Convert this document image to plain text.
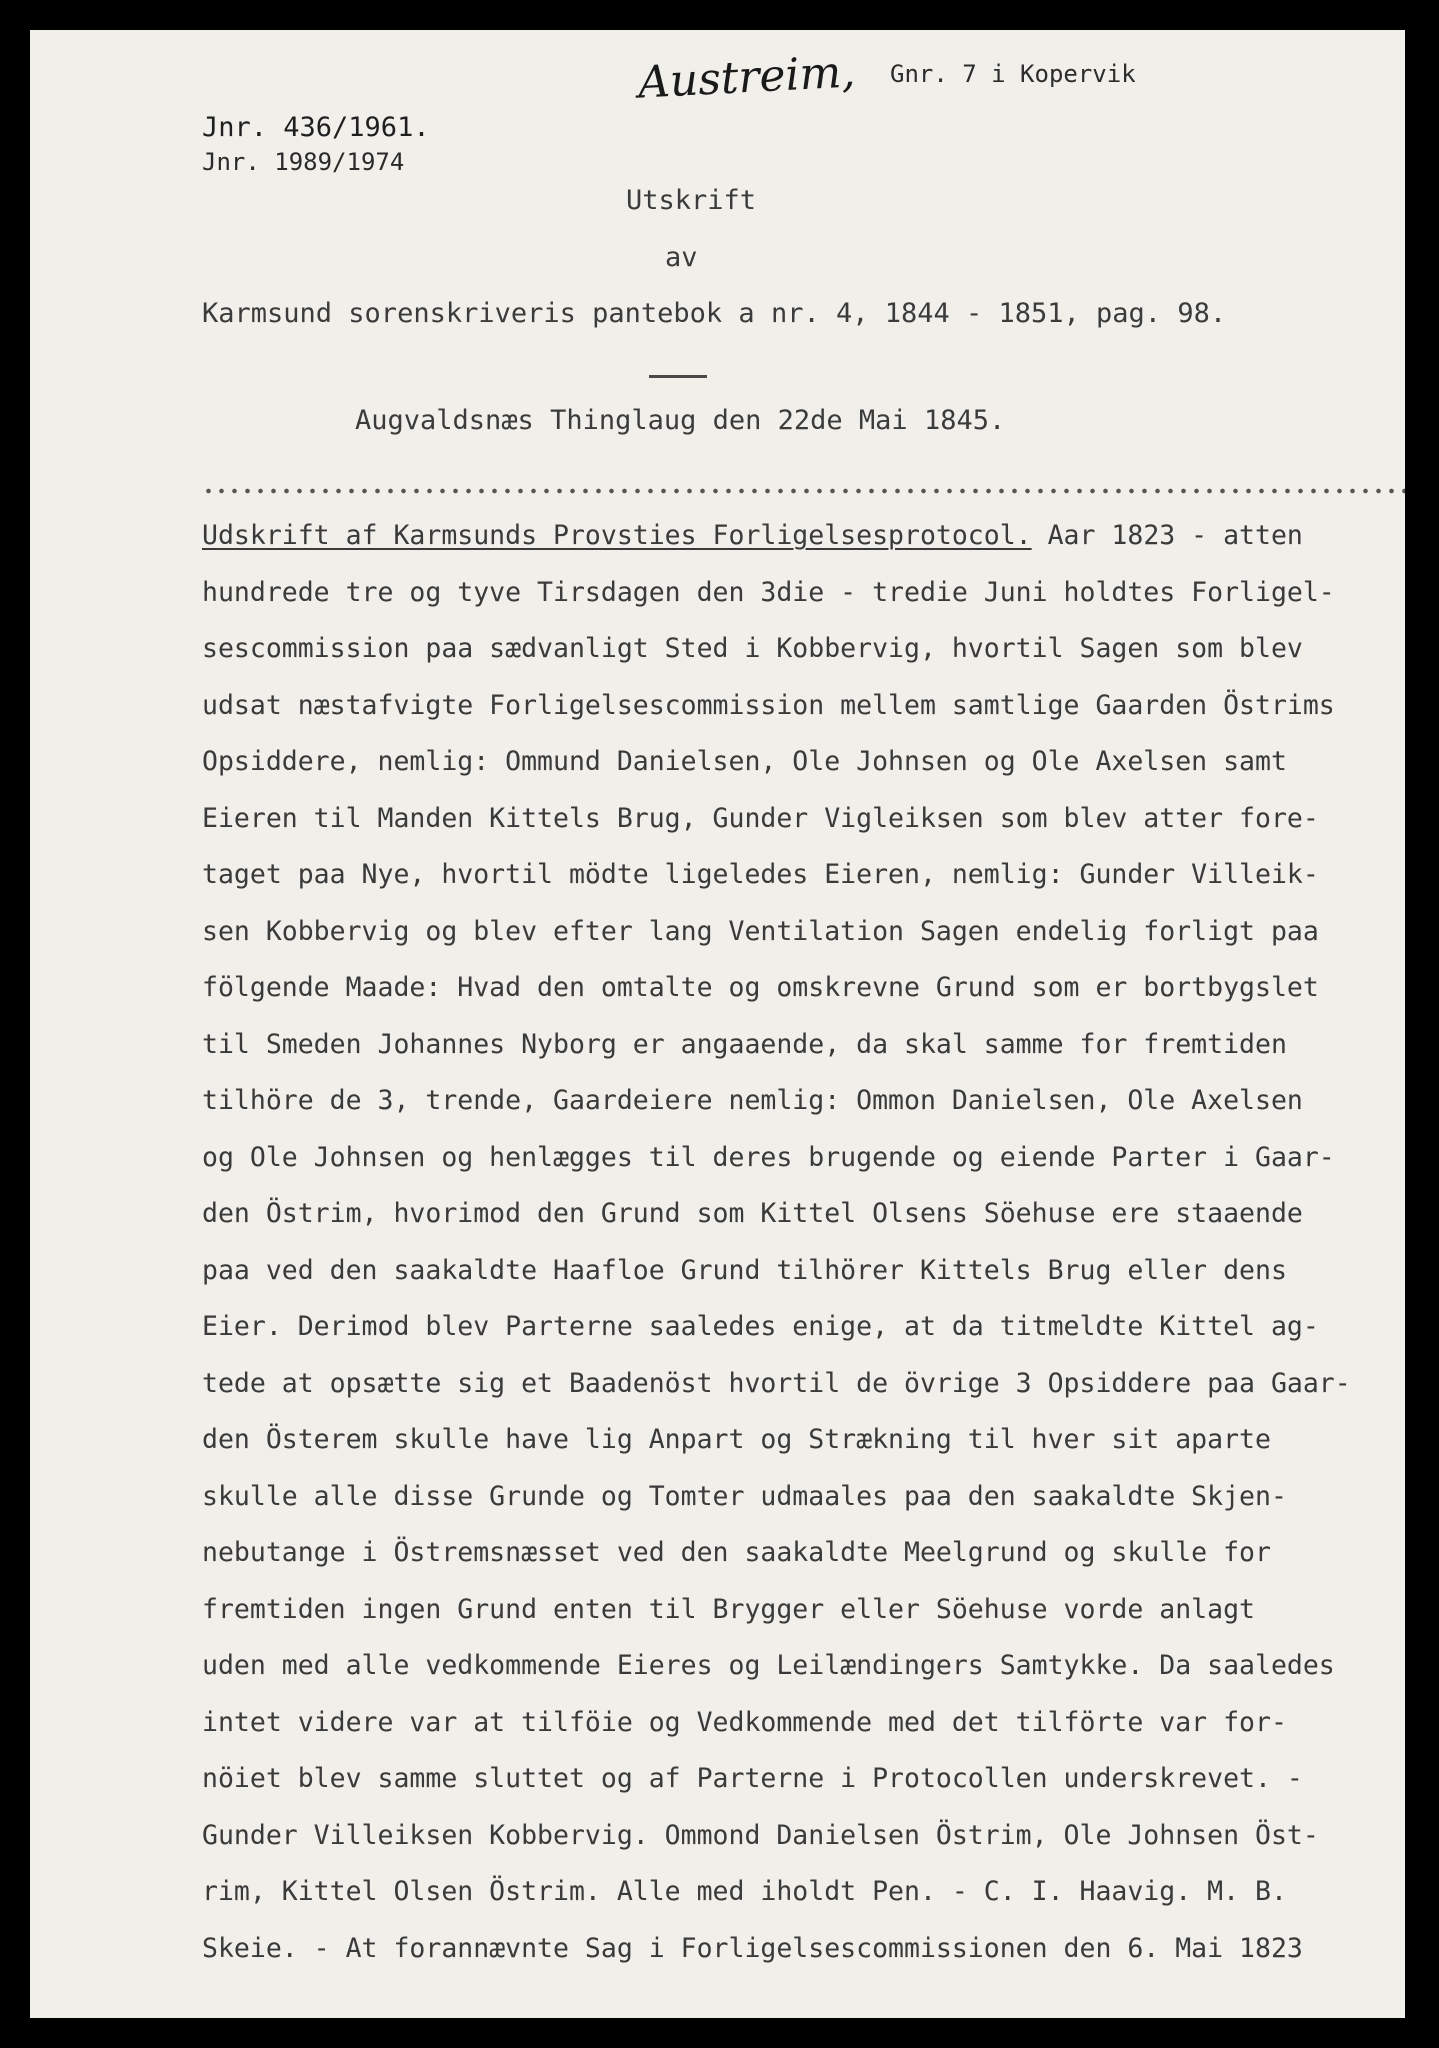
Austreim, Gnr. 7 i Kopervik
Jnr. 436/1961.
Jnr. 1989/1974
Utskrift
av
Karmsund sorenskriveris pantebok a nr. 4, 1844 - 1851, pag. 98.
Augvaldsnæs Thinglaug den 22de Mai 1845.
Udskrift af Karmsunds Provsties Forligelsesprotocol. Aar 1823 - atten
hundrede tre og tyve Tirsdagen den 3die - tredie Juni holdtes Forligel-
sescommission paa sædvanligt Sted i Kobbervig, hvortil Sagen som blev
udsat næstafvigte Forligelsescommission mellem samtlige Gaarden Östrims
Opsiddere, nemlig: Ommund Danielsen, Ole Johnsen og Ole Axelsen samt
Eieren til Manden Kittels Brug, Gunder Vigleiksen som blev atter fore-
taget paa Nye, hvortil mödte ligeledes Eieren, nemlig: Gunder Villeik-
sen Kobbervig og blev efter lang Ventilation Sagen endelig forligt paa
fölgende Maade: Hvad den omtalte og omskrevne Grund som er bortbygslet
til Smeden Johannes Nyborg er angaaende, da skal samme for fremtiden
tilhöre de 3, trende, Gaardeiere nemlig: Ommon Danielsen, Ole Axelsen
og Ole Johnsen og henlægges til deres brugende og eiende Parter i Gaar-
den Östrim, hvorimod den Grund som Kittel Olsens Söehuse ere staaende
paa ved den saakaldte Haafloe Grund tilhörer Kittels Brug eller dens
Eier. Derimod blev Parterne saaledes enige, at da titmeldte Kittel ag-
tede at opsætte sig et Baadenöst hvortil de övrige 3 Opsiddere paa Gaar-
den Österem skulle have lig Anpart og Strækning til hver sit aparte
skulle alle disse Grunde og Tomter udmaales paa den saakaldte Skjen-
nebutange i Östremsnæsset ved den saakaldte Meelgrund og skulle for
fremtiden ingen Grund enten til Brygger eller Söehuse vorde anlagt
uden med alle vedkommende Eieres og Leilændingers Samtykke. Da saaledes
intet videre var at tilföie og Vedkommende med det tilförte var for-
nöiet blev samme sluttet og af Parterne i Protocollen underskrevet. -
Gunder Villeiksen Kobbervig. Ommond Danielsen Östrim, Ole Johnsen Öst-
rim, Kittel Olsen Östrim. Alle med iholdt Pen. - C. I. Haavig. M. B.
Skeie. - At forannævnte Sag i Forligelsescommissionen den 6. Mai 1823
